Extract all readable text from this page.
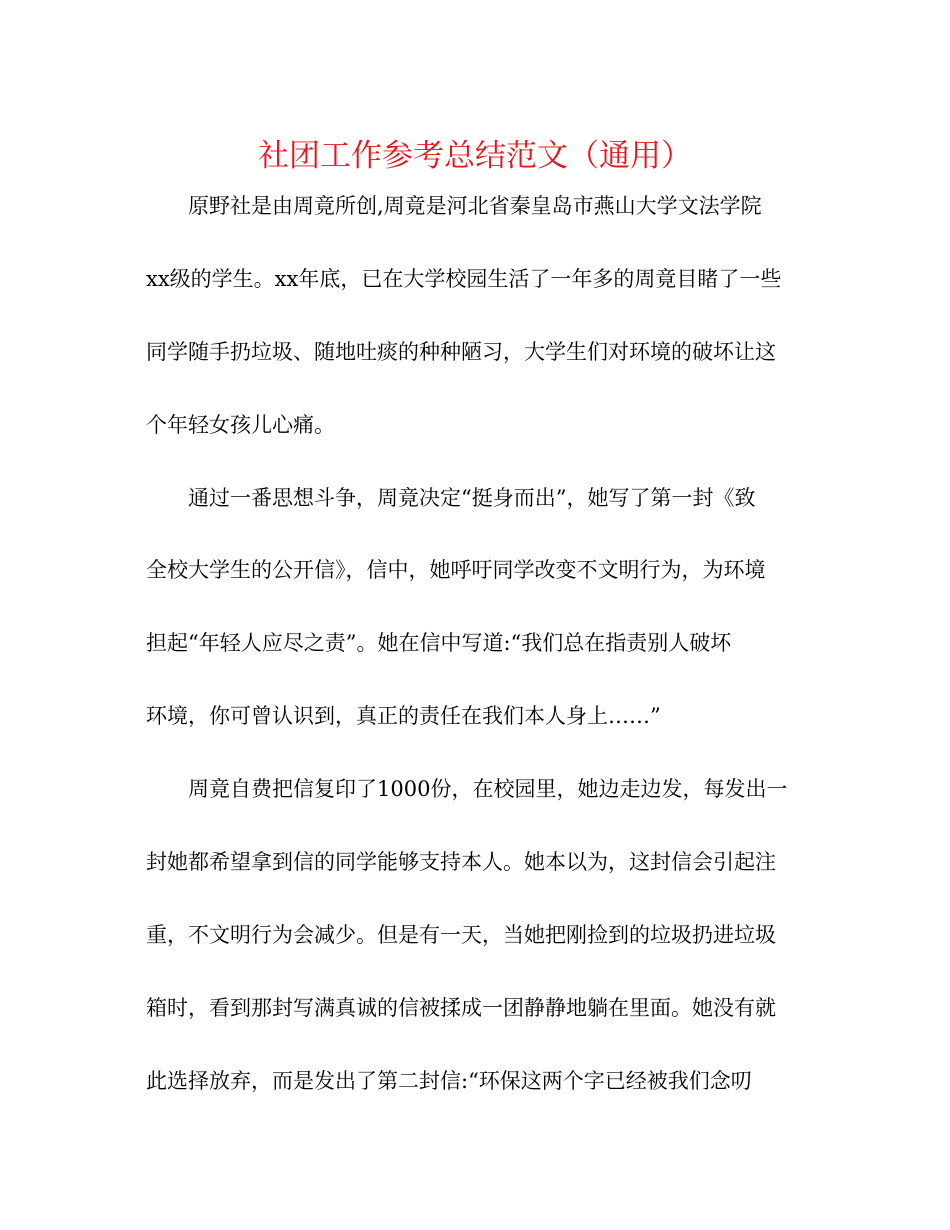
社团工作参考总结范文（通用）
原野社是由周竟所创,周竟是河北省秦皇岛市燕山大学文法学院
xx级的学生。xx年底，已在大学校园生活了一年多的周竟目睹了一些
同学随手扔垃圾、随地吐痰的种种陋习，大学生们对环境的破坏让这
个年轻女孩儿心痛。
通过一番思想斗争，周竟决定“挺身而出”，她写了第一封《致
全校大学生的公开信》，信中，她呼吁同学改变不文明行为，为环境
担起“年轻人应尽之责”。她在信中写道:“我们总在指责别人破坏
环境，你可曾认识到，真正的责任在我们本人身上……”
周竟自费把信复印了1000份，在校园里，她边走边发，每发出一
封她都希望拿到信的同学能够支持本人。她本以为，这封信会引起注
重，不文明行为会减少。但是有一天，当她把刚捡到的垃圾扔进垃圾
箱时，看到那封写满真诚的信被揉成一团静静地躺在里面。她没有就
此选择放弃，而是发出了第二封信:“环保这两个字已经被我们念叨
